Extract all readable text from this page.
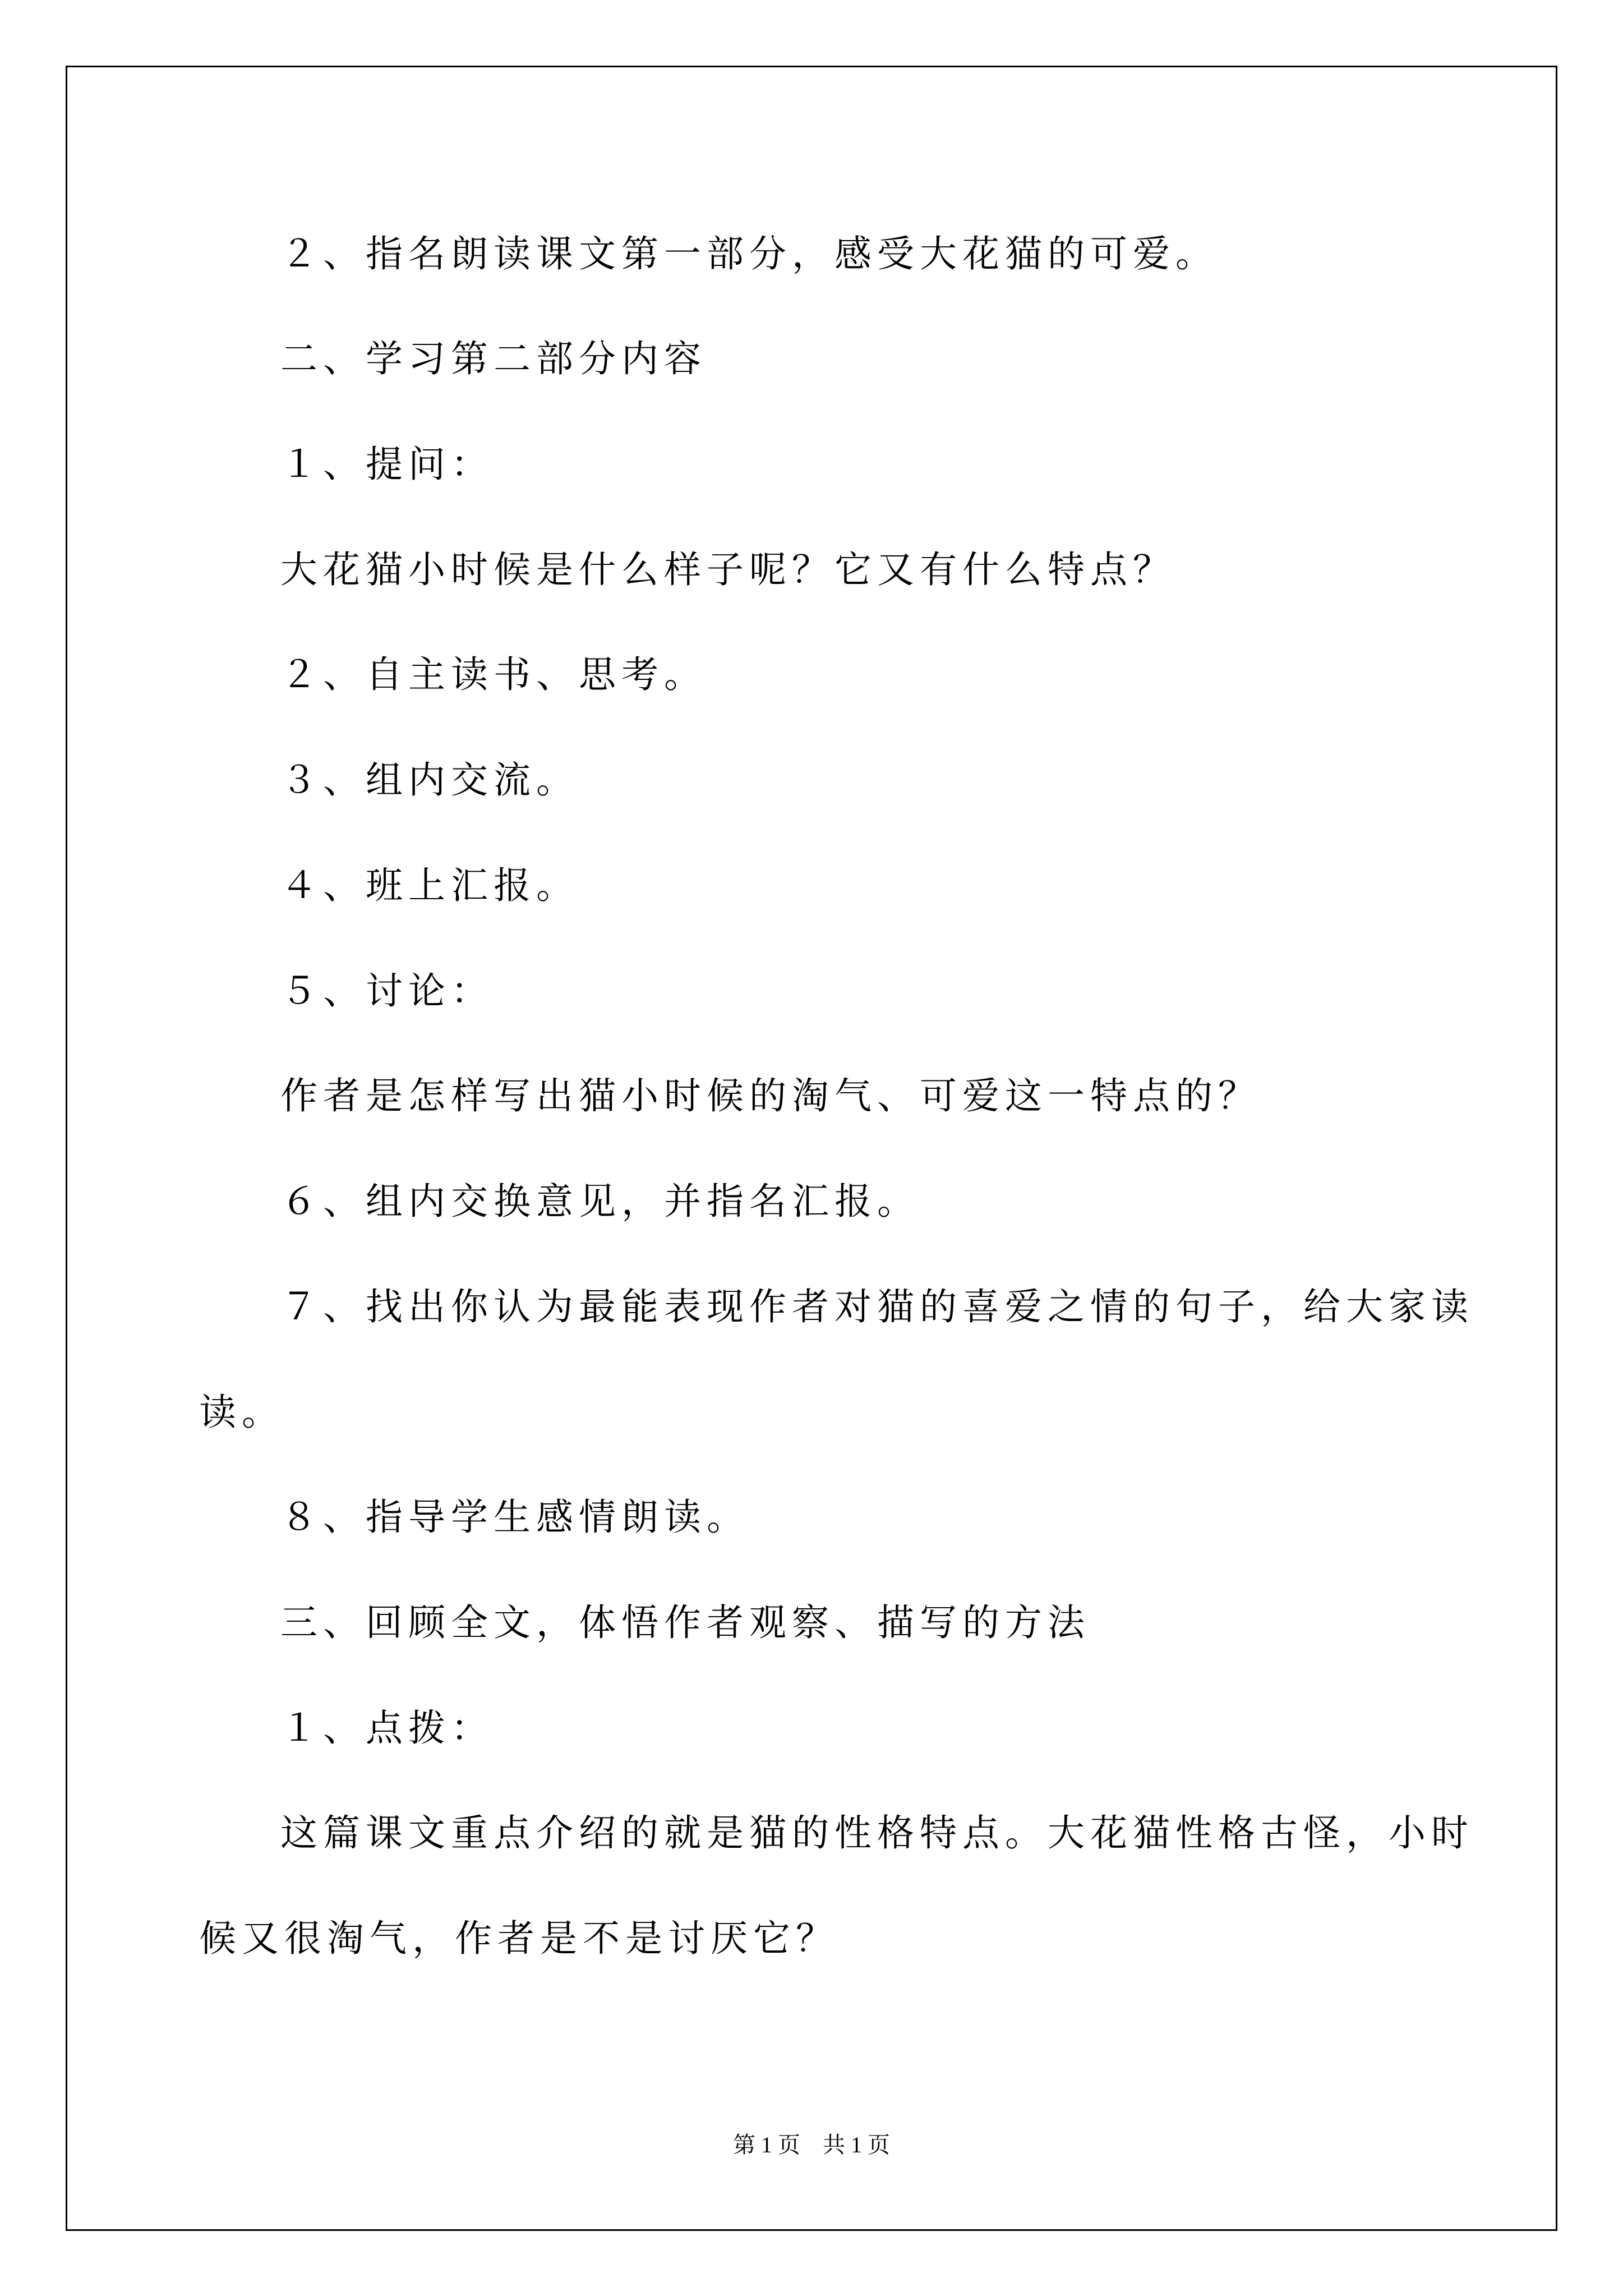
２、指名朗读课文第一部分，感受大花猫的可爱。
二、学习第二部分内容
１、提问：
大花猫小时候是什么样子呢？它又有什么特点？
２、自主读书、思考。
３、组内交流。
４、班上汇报。
５、讨论：
作者是怎样写出猫小时候的淘气、可爱这一特点的？
６、组内交换意见，并指名汇报。
７、找出你认为最能表现作者对猫的喜爱之情的句子，给大家读
读。
８、指导学生感情朗读。
三、回顾全文，体悟作者观察、描写的方法
１、点拨：
这篇课文重点介绍的就是猫的性格特点。大花猫性格古怪，小时
候又很淘气，作者是不是讨厌它？
第 1 页　共 1 页
